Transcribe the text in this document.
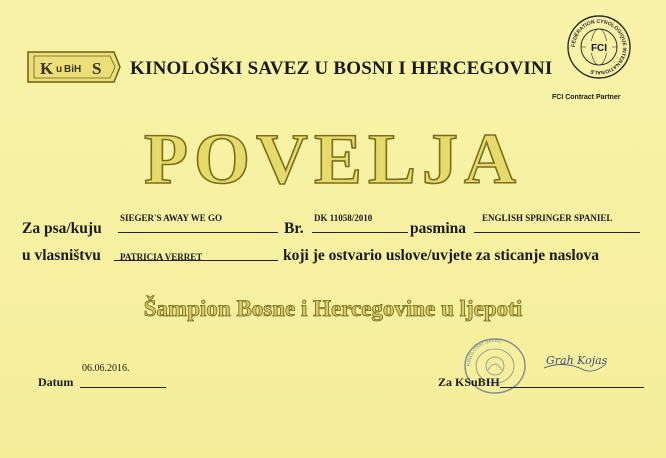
K u BiH S KINOLOŠKI SAVEZ U BOSNI I HERCEGOVINI
FÉDÉRATION CYNOLOGIQUE INTERNATIONALE
FCI
FCI Contract Partner
POVELJA
Za psa/kuju
SIEGER'S AWAY WE GO
Br.
DK 11058/2010
pasmina
ENGLISH SPRINGER SPANIEL
u vlasništvu PATRICIA VERRET	koji je ostvario uslove/uvjete za sticanje naslova
Šampion Bosne i Hercegovine u ljepoti
06.06.2016.
Datum
KINOLOŠKI SAVEZ
Grah Kojas
Za KSuBIH
